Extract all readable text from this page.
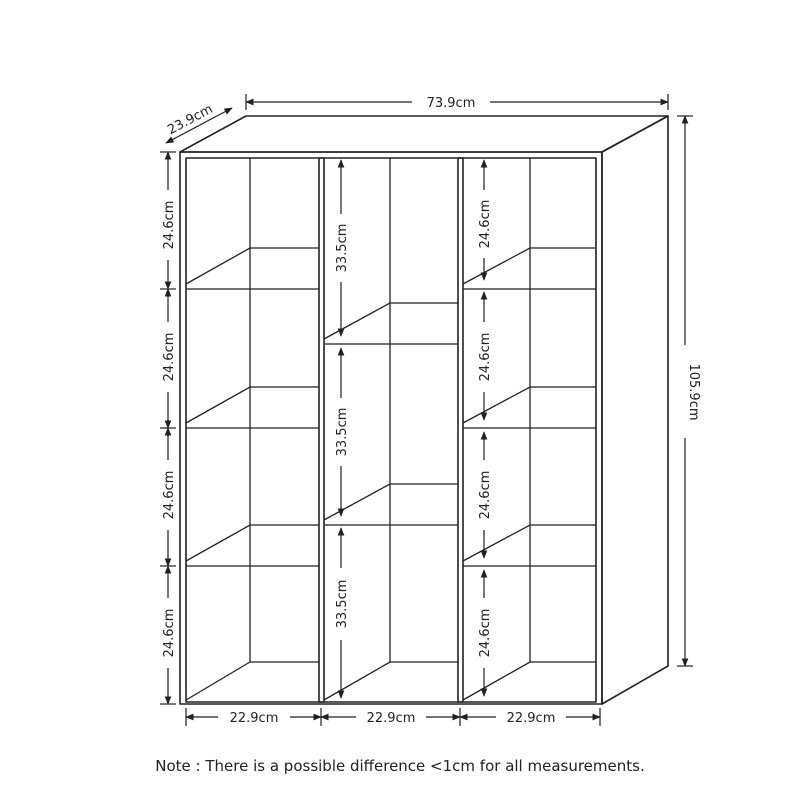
73.9cm
23.9cm
105.9cm
24.6cm
24.6cm
24.6cm
24.6cm
33.5cm
33.5cm
33.5cm
24.6cm
24.6cm
24.6cm
24.6cm
22.9cm	22.9cm	22.9cm
Note : There is a possible difference <1cm for all measurements.
